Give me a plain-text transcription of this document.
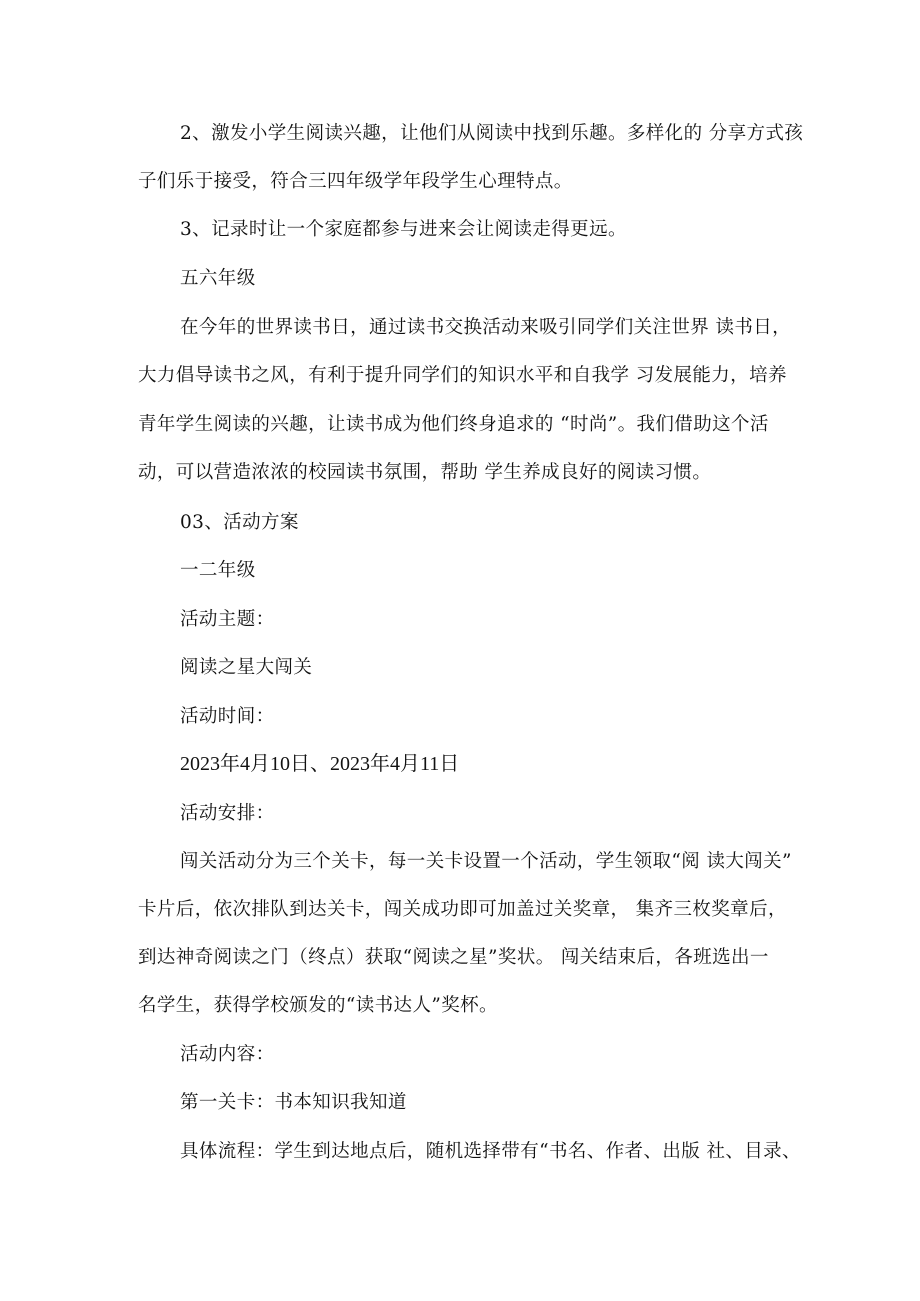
2、激发小学生阅读兴趣，让他们从阅读中找到乐趣。多样化的 分享方式孩
子们乐于接受，符合三四年级学年段学生心理特点。
3、记录时让一个家庭都参与进来会让阅读走得更远。
五六年级
在今年的世界读书日，通过读书交换活动来吸引同学们关注世界 读书日，
大力倡导读书之风，有利于提升同学们的知识水平和自我学 习发展能力，培养
青年学生阅读的兴趣，让读书成为他们终身追求的 “时尚”。我们借助这个活
动，可以营造浓浓的校园读书氛围，帮助 学生养成良好的阅读习惯。
03、活动方案
一二年级
活动主题：
阅读之星大闯关
活动时间：
2023年4月10日、2023年4月11日
活动安排：
闯关活动分为三个关卡，每一关卡设置一个活动，学生领取“阅 读大闯关”
卡片后，依次排队到达关卡，闯关成功即可加盖过关奖章， 集齐三枚奖章后，
到达神奇阅读之门（终点）获取“阅读之星”奖状。 闯关结束后，各班选出一
名学生，获得学校颁发的“读书达人”奖杯。
活动内容：
第一关卡：书本知识我知道
具体流程：学生到达地点后，随机选择带有“书名、作者、出版 社、目录、
